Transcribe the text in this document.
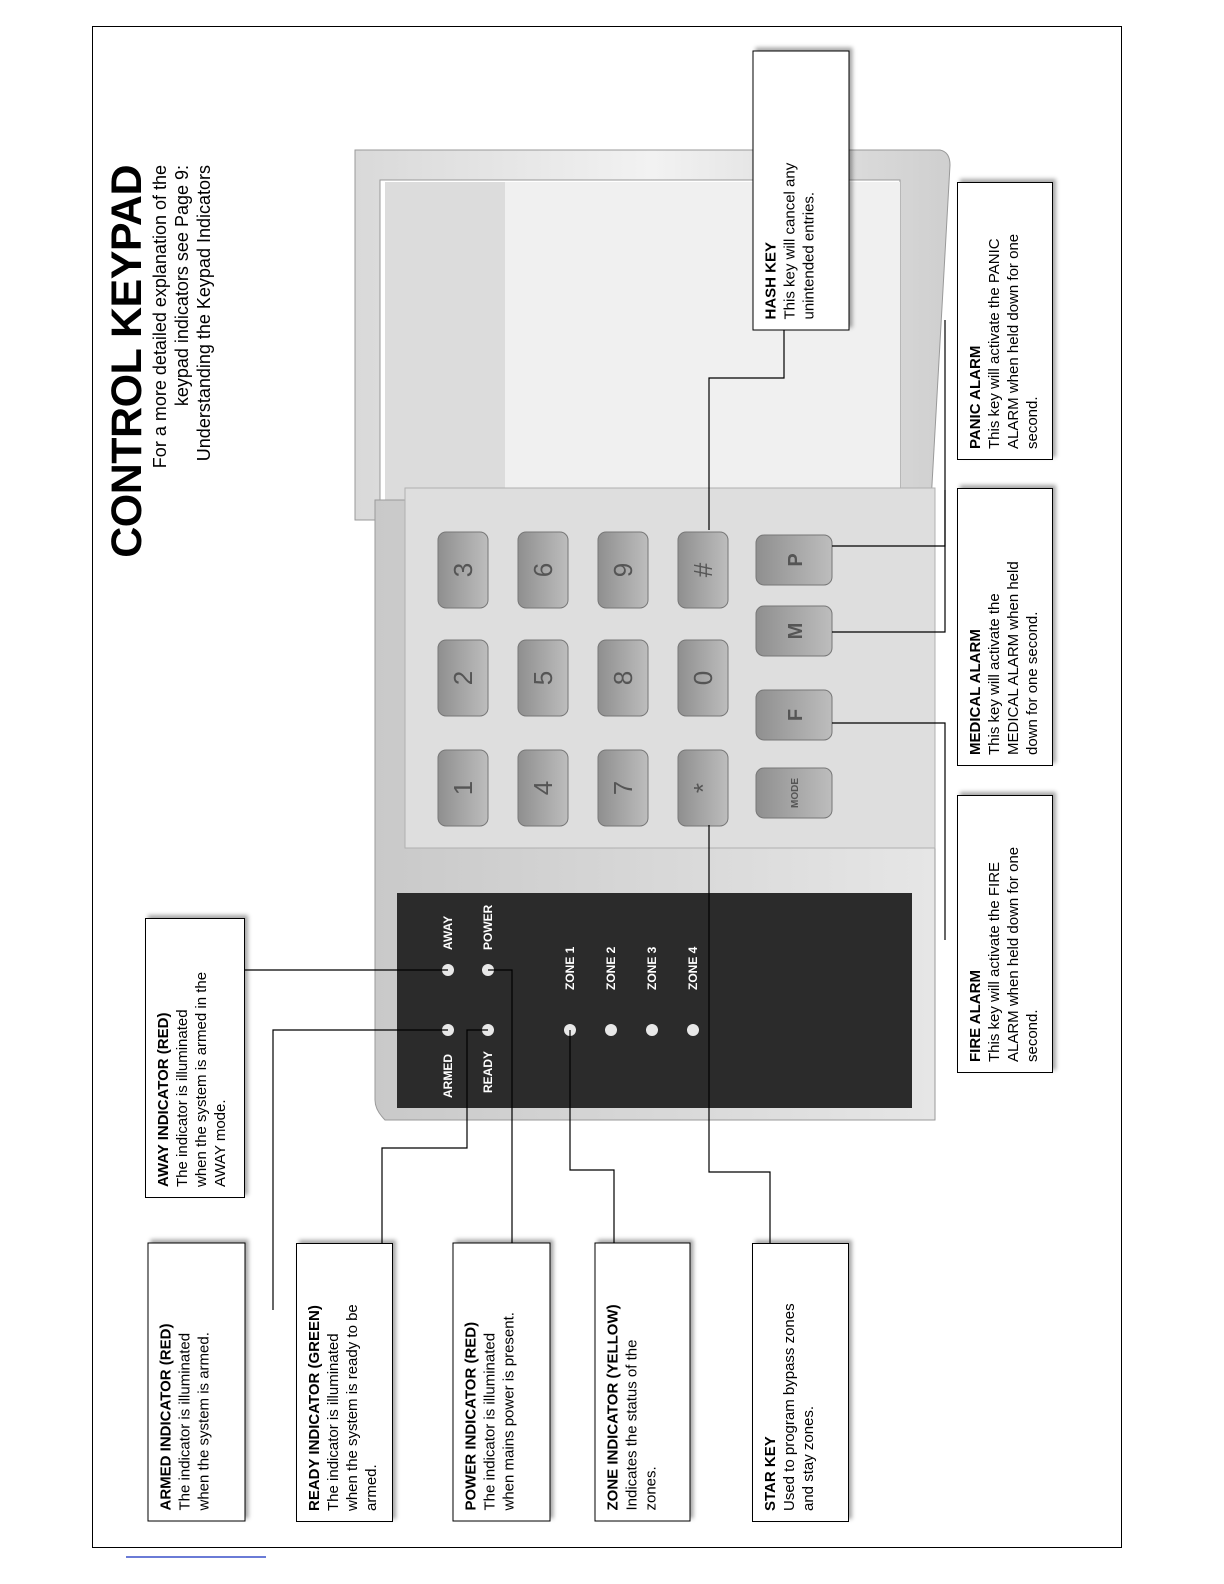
CONTROL KEYPAD For a more detailed explanation of the keypad indicators see Page 9: Understanding the Keypad Indicators
AWAY POWER
ARMED READY
ZONE 1 ZONE 2 ZONE 3 ZONE 4
3
2
1
6
5
4
9
8
7
#
0
*
P
M
F
MODE
AWAY INDICATOR (RED) The indicator is illuminated when the system is armed in the AWAY mode.
ARMED INDICATOR (RED) The indicator is illuminated when the system is armed.	READY INDICATOR (GREEN) The indicator is illuminated when the system is ready to be armed.	POWER INDICATOR (RED) The indicator is illuminated when mains power is present.	ZONE INDICATOR (YELLOW) Indicates the status of the zones.	STAR KEY Used to program bypass zones and stay zones.
HASH KEY This key will cancel any unintended entries.
PANIC ALARM This key will activate the PANIC ALARM when held down for one second.
MEDICAL ALARM This key will activate the MEDICAL ALARM when held down for one second.
FIRE ALARM This key will activate the FIRE ALARM when held down for one second.
